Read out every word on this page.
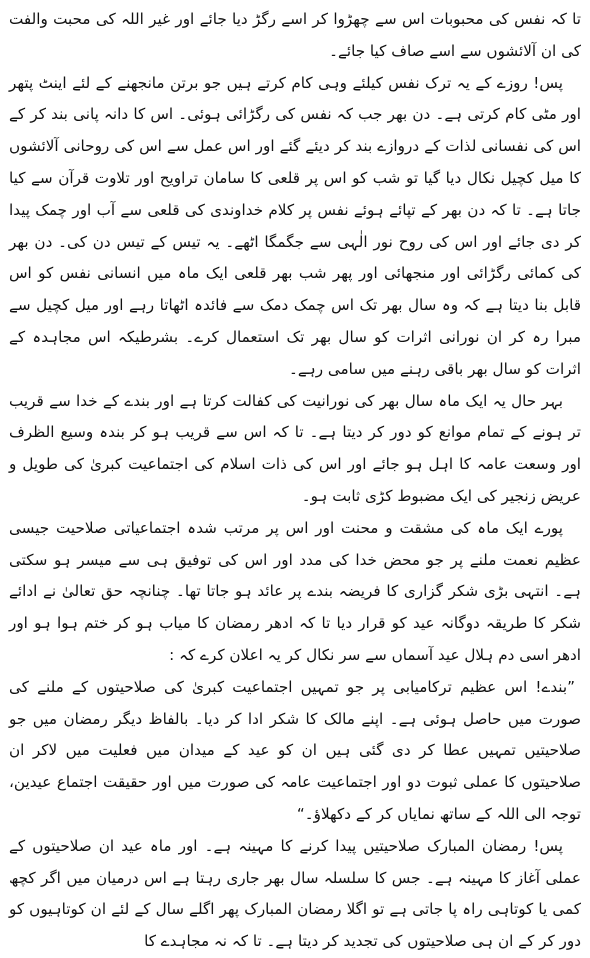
تا کہ نفس کی محبوبات اس سے چھڑوا کر اسے رگڑ دیا جائے اور غیر اللہ کی محبت والفت کی ان آلائشوں سے اسے صاف کیا جائے۔

پس! روزے کے یہ ترک نفس کیلئے وہی کام کرتے ہیں جو برتن مانجھنے کے لئے اینٹ پتھر اور مٹی کام کرتی ہے۔ دن بھر جب کہ نفس کی رگڑائی ہوئی۔ اس کا دانہ پانی بند کر کے اس کی نفسانی لذات کے دروازے بند کر دیئے گئے اور اس عمل سے اس کی روحانی آلائشوں کا میل کچیل نکال دیا گیا تو شب کو اس پر قلعی کا سامان تراویح اور تلاوت قرآن سے کیا جاتا ہے۔ تا کہ دن بھر کے تپائے ہوئے نفس پر کلام خداوندی کی قلعی سے آب اور چمک پیدا کر دی جائے اور اس کی روح نور الٰہی سے جگمگا اٹھے۔ یہ تیس کے تیس دن کی۔ دن بھر کی کمائی رگڑائی اور منجھائی اور پھر شب بھر قلعی ایک ماہ میں انسانی نفس کو اس قابل بنا دیتا ہے کہ وہ سال بھر تک اس چمک دمک سے فائدہ اٹھاتا رہے اور میل کچیل سے مبرا رہ کر ان نورانی اثرات کو سال بھر تک استعمال کرے۔ بشرطیکہ اس مجاہدہ کے اثرات کو سال بھر باقی رہنے میں سامی رہے۔

بہر حال یہ ایک ماہ سال بھر کی نورانیت کی کفالت کرتا ہے اور بندے کے خدا سے قریب تر ہونے کے تمام موانع کو دور کر دیتا ہے۔ تا کہ اس سے قریب ہو کر بندہ وسیع الظرف اور وسعت عامہ کا اہل ہو جائے اور اس کی ذات اسلام کی اجتماعیت کبریٰ کی طویل و عریض زنجیر کی ایک مضبوط کڑی ثابت ہو۔

پورے ایک ماہ کی مشقت و محنت اور اس پر مرتب شدہ اجتماعیاتی صلاحیت جیسی عظیم نعمت ملنے پر جو محض خدا کی مدد اور اس کی توفیق ہی سے میسر ہو سکتی ہے۔ انتہی بڑی شکر گزاری کا فریضہ بندے پر عائد ہو جاتا تھا۔ چنانچہ حق تعالیٰ نے ادائے شکر کا طریقہ دوگانہ عید کو قرار دیا تا کہ ادھر رمضان کا میاب ہو کر ختم ہوا ہو اور ادھر اسی دم ہلال عید آسماں سے سر نکال کر یہ اعلان کرے کہ :

”بندے! اس عظیم ترکامیابی پر جو تمہیں اجتماعیت کبریٰ کی صلاحیتوں کے ملنے کی صورت میں حاصل ہوئی ہے۔ اپنے مالک کا شکر ادا کر دیا۔ بالفاظ دیگر رمضان میں جو صلاحیتیں تمہیں عطا کر دی گئی ہیں ان کو عید کے میدان میں فعلیت میں لاکر ان صلاحیتوں کا عملی ثبوت دو اور اجتماعیت عامہ کی صورت میں اور حقیقت اجتماع عیدین، توجہ الی اللہ کے ساتھ نمایاں کر کے دکھلاؤ۔“

پس! رمضان المبارک صلاحیتیں پیدا کرنے کا مہینہ ہے۔ اور ماہ عید ان صلاحیتوں کے عملی آغاز کا مہینہ ہے۔ جس کا سلسلہ سال بھر جاری رہتا ہے اس درمیان میں اگر کچھ کمی یا کوتاہی راہ پا جاتی ہے تو اگلا رمضان المبارک پھر اگلے سال کے لئے ان کوتاہیوں کو دور کر کے ان ہی صلاحیتوں کی تجدید کر دیتا ہے۔ تا کہ نہ مجاہدے کا
